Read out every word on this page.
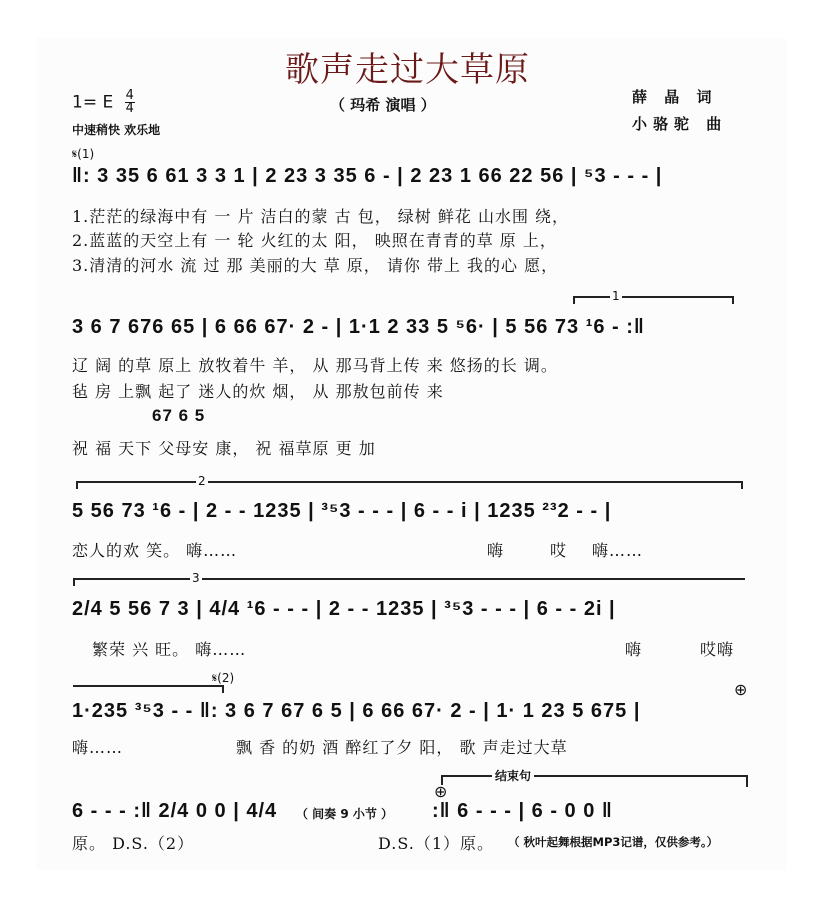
歌声走过大草原
1= E $\frac{4}{4}$
中速稍快 欢乐地
（ 玛希 演唱 ）	薛 晶 词
小骆驼 曲
𝄋(1)
‖: 3 35 6 61 3 3 1 | 2 23 3 35 6 - | 2 23 1 66 22 56 | ⁵3 - - - |
1.茫茫的绿海中有 一 片 洁白的蒙 古 包， 绿树 鲜花 山水围 绕，
2.蓝蓝的天空上有 一 轮 火红的太 阳， 映照在青青的草 原 上，
3.清清的河水 流 过 那 美丽的大 草 原， 请你 带上 我的心 愿，
1
3 6 7 676 65 | 6 66 67· 2 - | 1·1 2 33 5 ⁵6· | 5 56 73 ¹6 - :‖
辽 阔 的草 原上 放牧着牛 羊， 从 那马背上传 来 悠扬的长 调。
毡 房 上飘 起了 迷人的炊 烟， 从 那敖包前传 来
67 6 5
祝 福 天下 父母安 康， 祝 福草原 更 加
2
5 56 73 ¹6 - | 2 - - 1235 | ³⁵3 - - - | 6 - - i | 1235 ²³2 - - |
恋人的欢 笑。 嗨……	嗨	哎 嗨……
3
2/4 5 56 7 3 | 4/4 ¹6 - - - | 2 - - 1235 | ³⁵3 - - - | 6 - - 2i |
繁荣 兴 旺。 嗨……	嗨	哎嗨
𝄋(2)
⊕
1·235 ³⁵3 - - ‖: 3 6 7 67 6 5 | 6 66 67· 2 - | 1· 1 23 5 675 |
嗨……	飘 香 的奶 酒 醉红了夕 阳， 歌 声走过大草
6 - - - :‖ 2/4 0 0 | 4/4 （ 间奏 9 小节 ）
结束句
⊕
:‖ 6 - - - | 6 - 0 0 ‖
原。 D.S.（2）	D.S.（1）原。 （ 秋叶起舞根据MP3记谱，仅供参考。）
